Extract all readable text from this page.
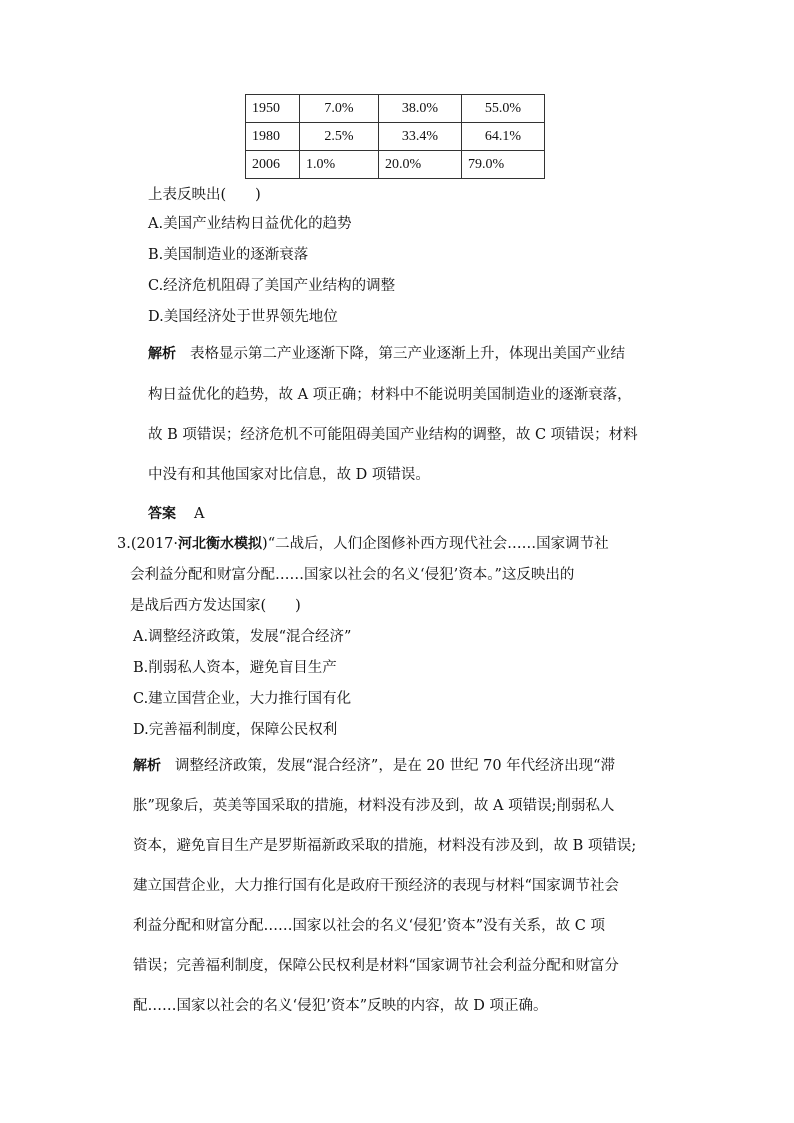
1950	7.0%	38.0%	55.0%
1980	2.5%	33.4%	64.1%
2006	1.0%	20.0%	79.0%
上表反映出(　　)
A.美国产业结构日益优化的趋势
B.美国制造业的逐渐衰落
C.经济危机阻碍了美国产业结构的调整
D.美国经济处于世界领先地位
解析 表格显示第二产业逐渐下降，第三产业逐渐上升，体现出美国产业结
构日益优化的趋势，故 A 项正确；材料中不能说明美国制造业的逐渐衰落，
故 B 项错误；经济危机不可能阻碍美国产业结构的调整，故 C 项错误；材料
中没有和其他国家对比信息，故 D 项错误。
答案 A
3.(2017·河北衡水模拟)“二战后，人们企图修补西方现代社会……国家调节社
会利益分配和财富分配……国家以社会的名义‘侵犯’资本。”这反映出的
是战后西方发达国家(　　)
A.调整经济政策，发展“混合经济”
B.削弱私人资本，避免盲目生产
C.建立国营企业，大力推行国有化
D.完善福利制度，保障公民权利
解析 调整经济政策，发展“混合经济”，是在 20 世纪 70 年代经济出现“滞
胀”现象后，英美等国采取的措施，材料没有涉及到，故 A 项错误;削弱私人
资本，避免盲目生产是罗斯福新政采取的措施，材料没有涉及到，故 B 项错误;
建立国营企业，大力推行国有化是政府干预经济的表现与材料“国家调节社会
利益分配和财富分配……国家以社会的名义‘侵犯’资本”没有关系，故 C 项
错误；完善福利制度，保障公民权利是材料“国家调节社会利益分配和财富分
配……国家以社会的名义‘侵犯’资本”反映的内容，故 D 项正确。
